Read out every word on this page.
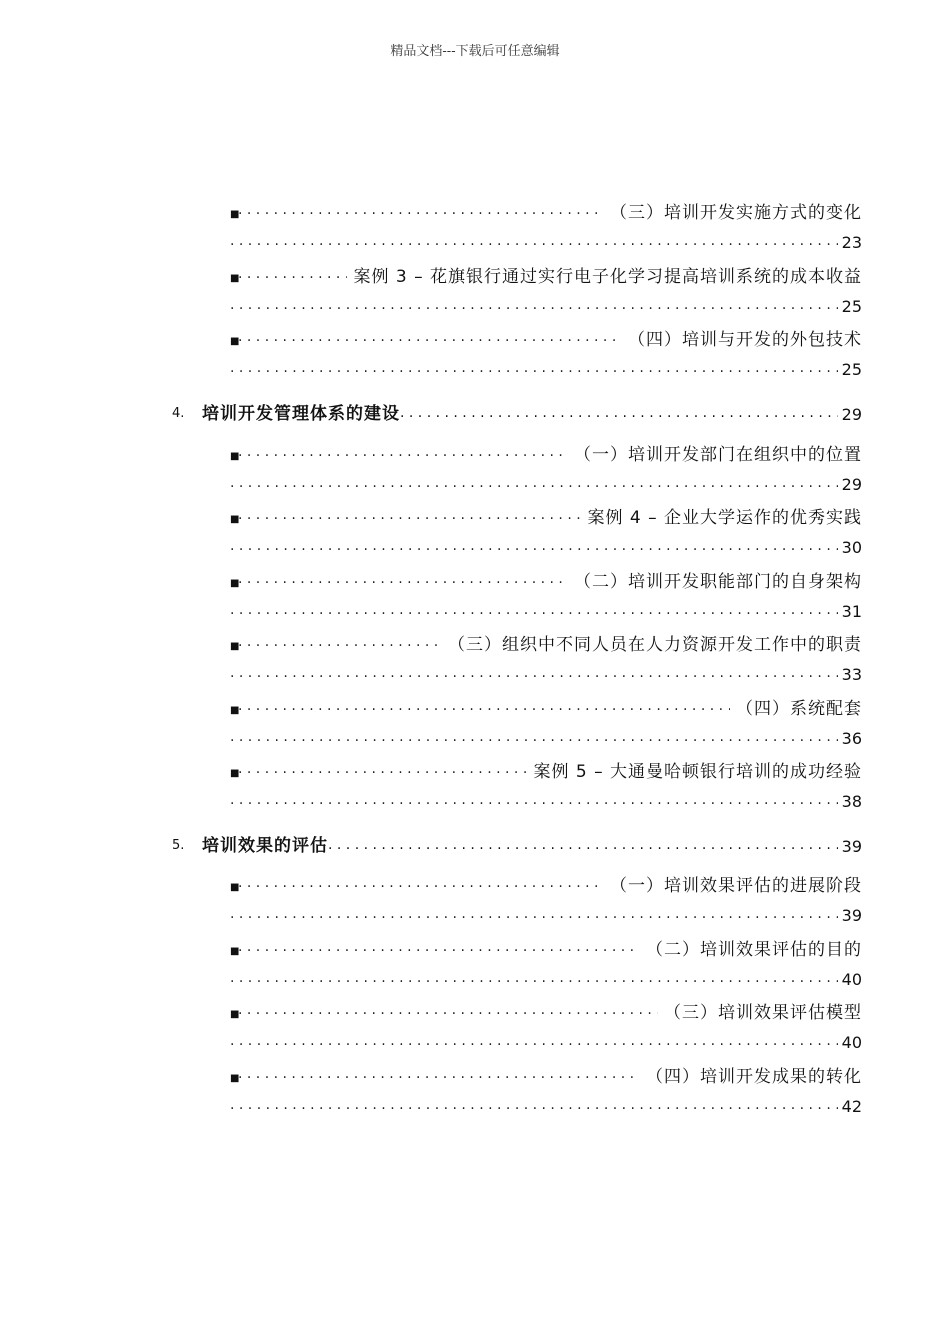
精品文档---下载后可任意编辑
■ . . .	（三）培训开发实施方式的变化
. . .
23
■ . . .	案例 3 – 花旗银行通过实行电子化学习提高培训系统的成本收益
. . .
25
■ . . .	（四）培训与开发的外包技术
. . .
25
4.	培训开发管理体系的建设 . . .	29
■ . . .	（一）培训开发部门在组织中的位置
. . .
29
■ . . .	案例 4 – 企业大学运作的优秀实践
. . .
30
■ . . .	（二）培训开发职能部门的自身架构
. . .
31
■ . . .	（三）组织中不同人员在人力资源开发工作中的职责
. . .
33
■ . . .	（四）系统配套
. . .
36
■ . . .	案例 5 – 大通曼哈顿银行培训的成功经验
. . .
38
5.	培训效果的评估 . . .	39
■ . . .	（一）培训效果评估的进展阶段
. . .
39
■ . . .	（二）培训效果评估的目的
. . .
40
■ . . .	（三）培训效果评估模型
. . .
40
■ . . .	（四）培训开发成果的转化
. . .
42
